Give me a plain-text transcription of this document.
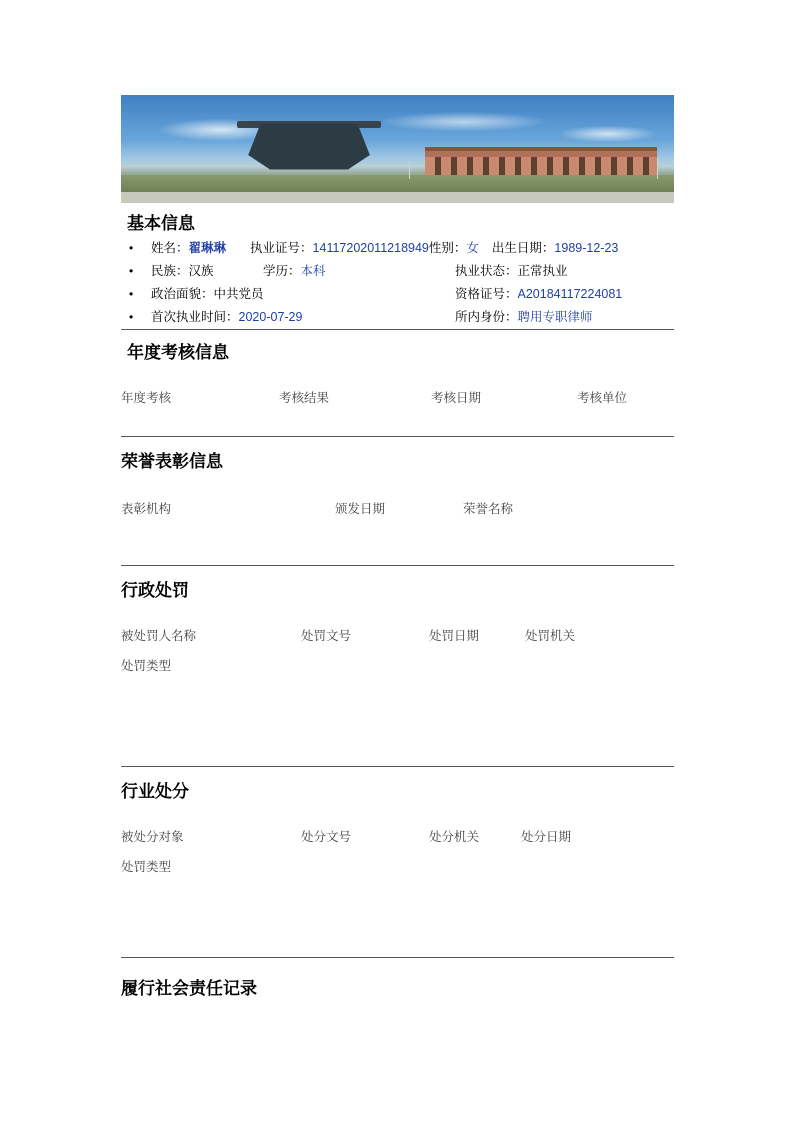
基本信息
• 姓名：翟琳琳 执业证号：14117202011218949性别：女 出生日期：1989-12-23
• 民族：汉族	学历：本科	执业状态：正常执业
• 政治面貌：中共党员	资格证号：A20184117224081
• 首次执业时间：2020-07-29	所内身份：聘用专职律师
年度考核信息
年度考核	考核结果	考核日期	考核单位
荣誉表彰信息
表彰机构	颁发日期	荣誉名称
行政处罚
被处罚人名称	处罚文号	处罚日期	处罚机关
处罚类型
行业处分
被处分对象	处分文号	处分机关	处分日期
处罚类型
履行社会责任记录
